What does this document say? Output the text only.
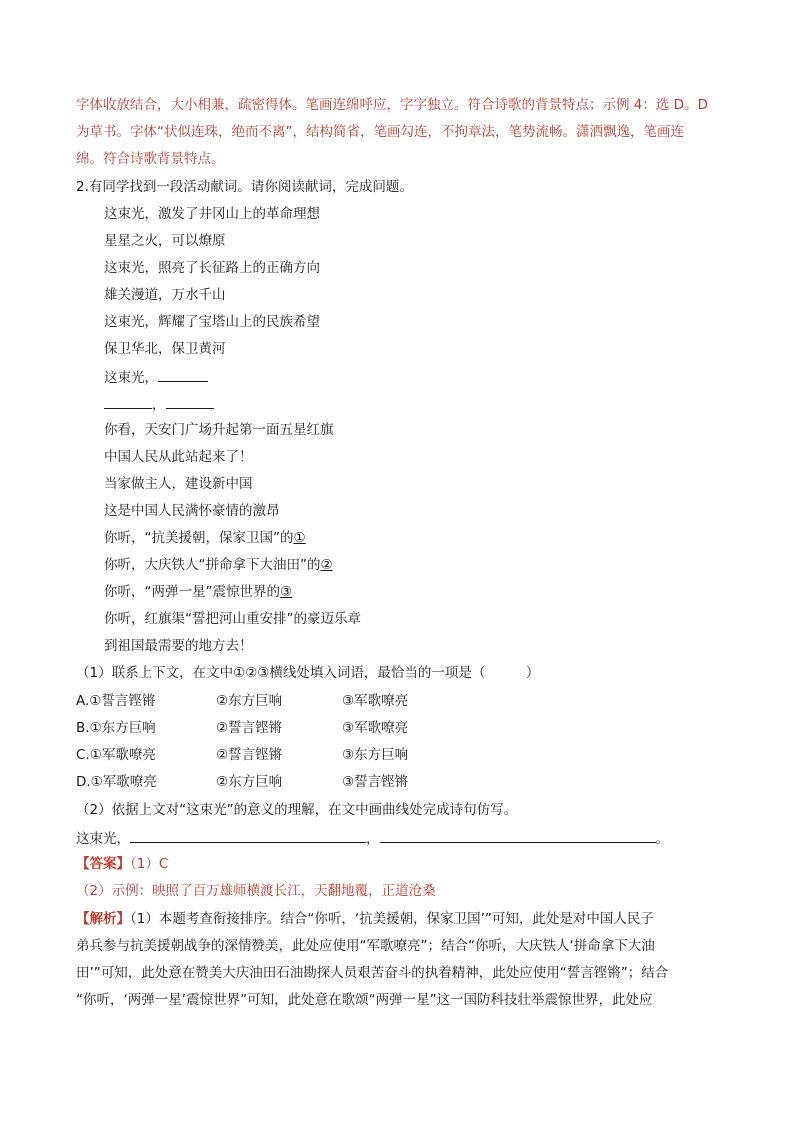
字体收放结合，大小相兼，疏密得体。笔画连绵呼应，字字独立。符合诗歌的背景特点；示例 4：选 D。D
为草书。字体“状似连珠，绝而不离”，结构简省，笔画勾连，不拘章法，笔势流畅。潇洒飘逸，笔画连
绵。符合诗歌背景特点。
2.有同学找到一段活动献词。请你阅读献词，完成问题。
这束光，激发了井冈山上的革命理想
星星之火，可以燎原
这束光，照亮了长征路上的正确方向
雄关漫道，万水千山
这束光，辉耀了宝塔山上的民族希望
保卫华北，保卫黄河
这束光，
，
你看，天安门广场升起第一面五星红旗
中国人民从此站起来了！
当家做主人，建设新中国
这是中国人民满怀豪情的激昂
你听，“抗美援朝，保家卫国”的①
你听，大庆铁人“拼命拿下大油田”的②
你听，“两弹一星”震惊世界的③
你听，红旗渠“誓把河山重安排”的豪迈乐章
到祖国最需要的地方去！
（1）联系上下文，在文中①②③横线处填入词语，最恰当的一项是（　　　）
A.①誓言铿锵	②东方巨响	③军歌嘹亮
B.①东方巨响	②誓言铿锵	③军歌嘹亮
C.①军歌嘹亮	②誓言铿锵	③东方巨响
D.①军歌嘹亮	②东方巨响	③誓言铿锵
（2）依据上文对“这束光”的意义的理解，在文中画曲线处完成诗句仿写。
这束光，	，	。
【答案】（1）C
（2）示例：映照了百万雄师横渡长江，天翻地覆，正道沧桑
【解析】（1）本题考查衔接排序。结合“你听，‘抗美援朝，保家卫国’”可知，此处是对中国人民子
弟兵参与抗美援朝战争的深情赞美，此处应使用“军歌嘹亮”；结合“你听，大庆铁人‘拼命拿下大油
田’”可知，此处意在赞美大庆油田石油勘探人员艰苦奋斗的执着精神，此处应使用“誓言铿锵”；结合
“你听，‘两弹一星’震惊世界”可知，此处意在歌颂“两弹一星”这一国防科技壮举震惊世界，此处应
